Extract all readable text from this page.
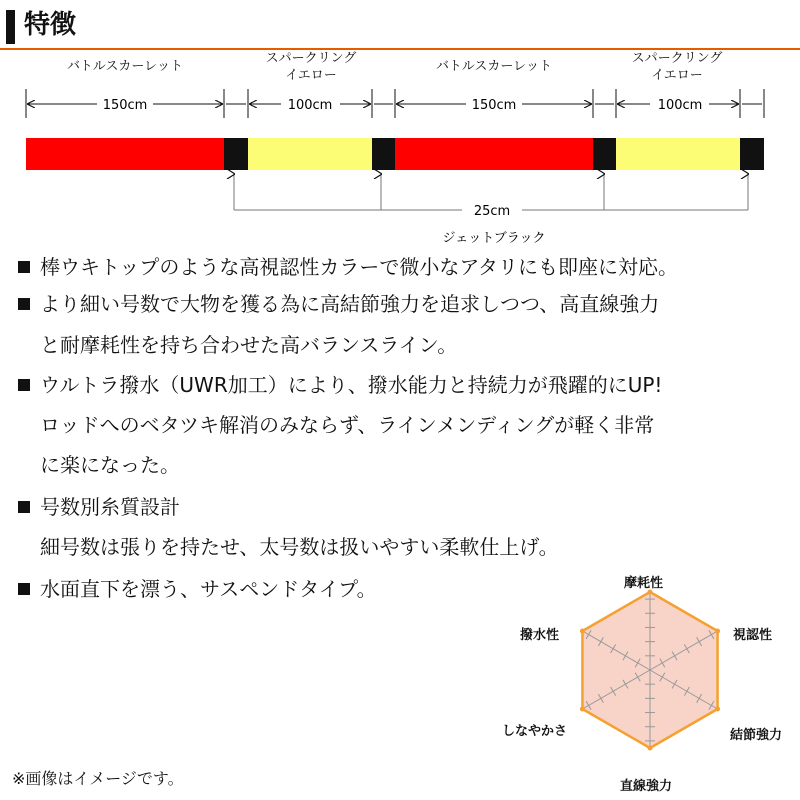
特徴
バトルスカーレット
スパークリング
イエロー
バトルスカーレット
スパークリング
イエロー
150cm	100cm	150cm	100cm
25cm
ジェットブラック
棒ウキトップのような高視認性カラーで微小なアタリにも即座に対応。
より細い号数で大物を獲る為に高結節強力を追求しつつ、高直線強力
と耐摩耗性を持ち合わせた高バランスライン。
ウルトラ撥水（UWR加工）により、撥水能力と持続力が飛躍的にUP!
ロッドへのベタツキ解消のみならず、ラインメンディングが軽く非常
に楽になった。
号数別糸質設計
細号数は張りを持たせ、太号数は扱いやすい柔軟仕上げ。
水面直下を漂う、サスペンドタイプ。	摩耗性
視認性
結節強力
直線強力
しなやかさ
撥水性
※画像はイメージです。
